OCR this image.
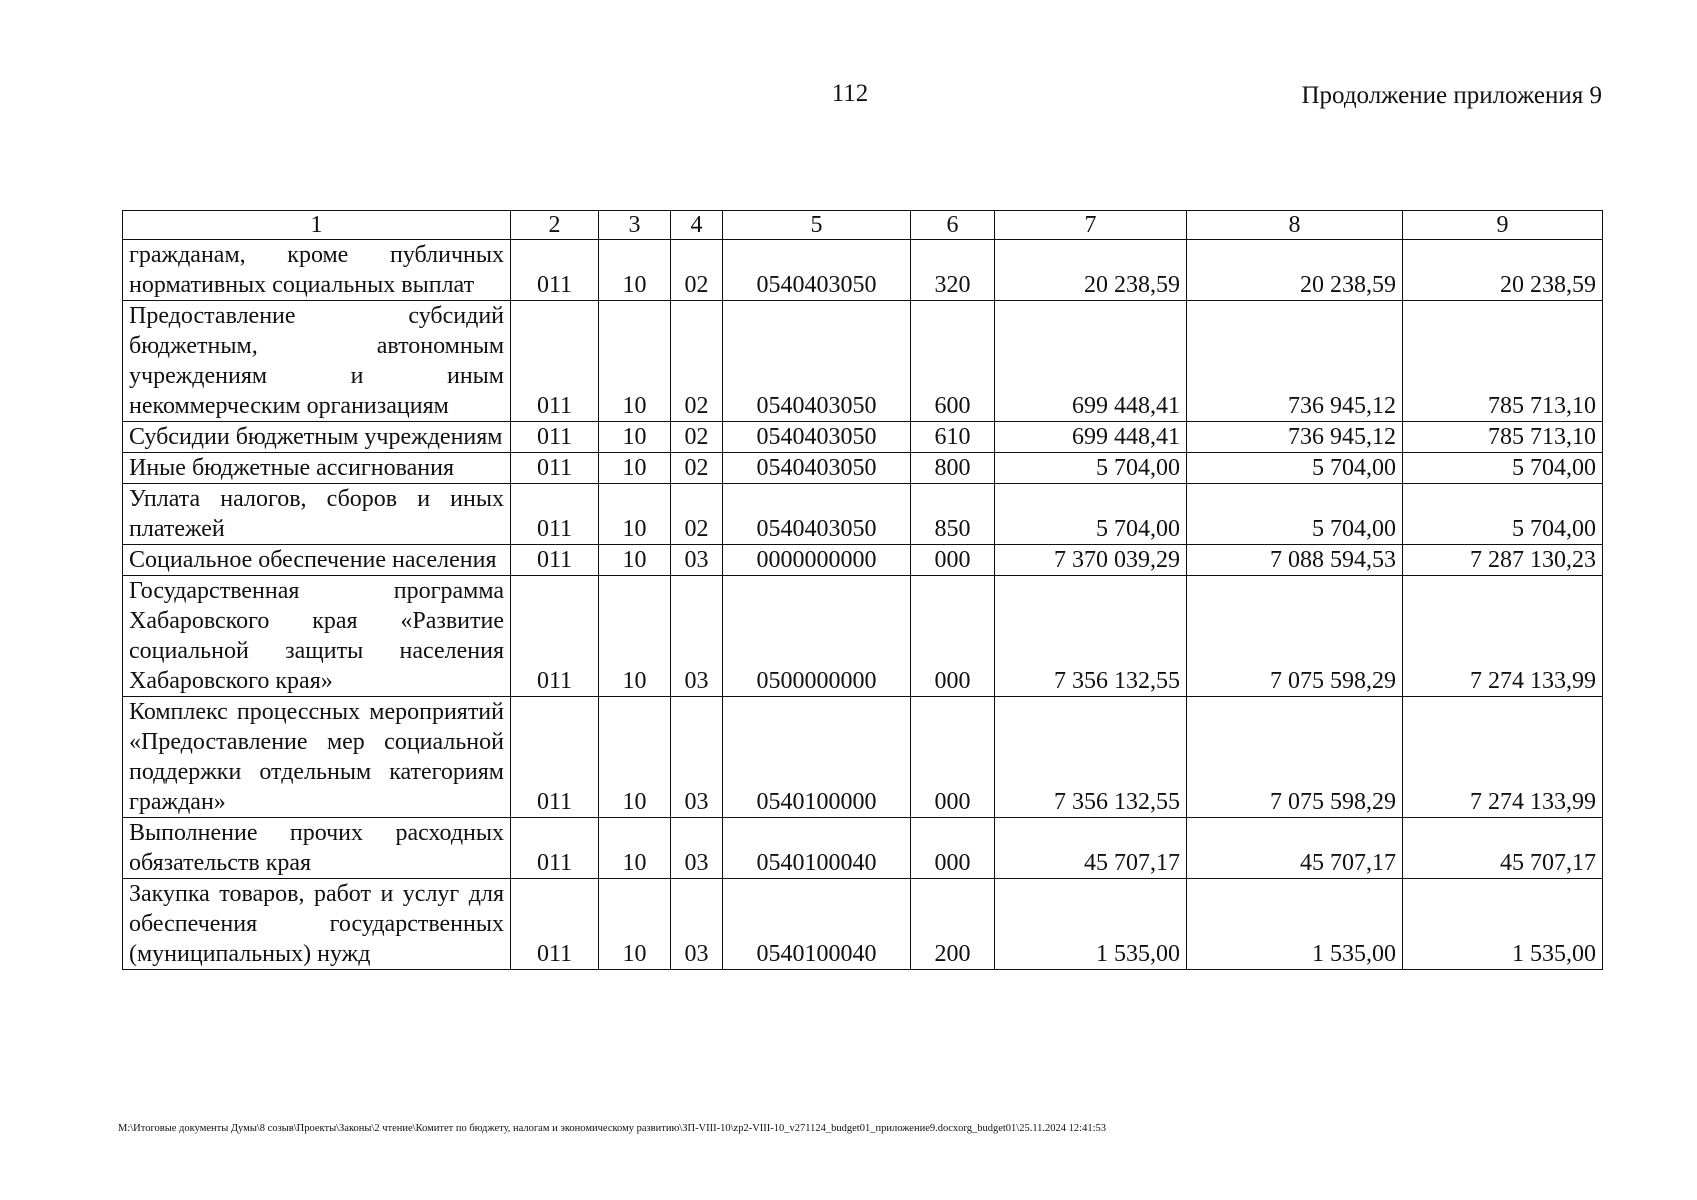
112	Продолжение приложения 9
1	2	3	4	5	6	7	8	9
гражданам, кроме публичных нормативных социальных выплат	011	10	02	0540403050	320	20 238,59	20 238,59	20 238,59
Предоставление субсидий бюджетным, автономным учреждениям и иным некоммерческим организациям	011	10	02	0540403050	600	699 448,41	736 945,12	785 713,10
Субсидии бюджетным учреждениям	011	10	02	0540403050	610	699 448,41	736 945,12	785 713,10
Иные бюджетные ассигнования	011	10	02	0540403050	800	5 704,00	5 704,00	5 704,00
Уплата налогов, сборов и иных платежей	011	10	02	0540403050	850	5 704,00	5 704,00	5 704,00
Социальное обеспечение населения	011	10	03	0000000000	000	7 370 039,29	7 088 594,53	7 287 130,23
Государственная программа Хабаровского края «Развитие социальной защиты населения Хабаровского края»	011	10	03	0500000000	000	7 356 132,55	7 075 598,29	7 274 133,99
Комплекс процессных мероприятий «Предоставление мер социальной поддержки отдельным категориям граждан»	011	10	03	0540100000	000	7 356 132,55	7 075 598,29	7 274 133,99
Выполнение прочих расходных обязательств края	011	10	03	0540100040	000	45 707,17	45 707,17	45 707,17
Закупка товаров, работ и услуг для обеспечения государственных (муниципальных) нужд	011	10	03	0540100040	200	1 535,00	1 535,00	1 535,00
M:\Итоговые документы Думы\8 созыв\Проекты\Законы\2 чтение\Комитет по бюджету, налогам и экономическому развитию\ЗП-VIII-10\zp2-VIII-10_v271124_budget01_приложение9.docxorg_budget01\25.11.2024 12:41:53
